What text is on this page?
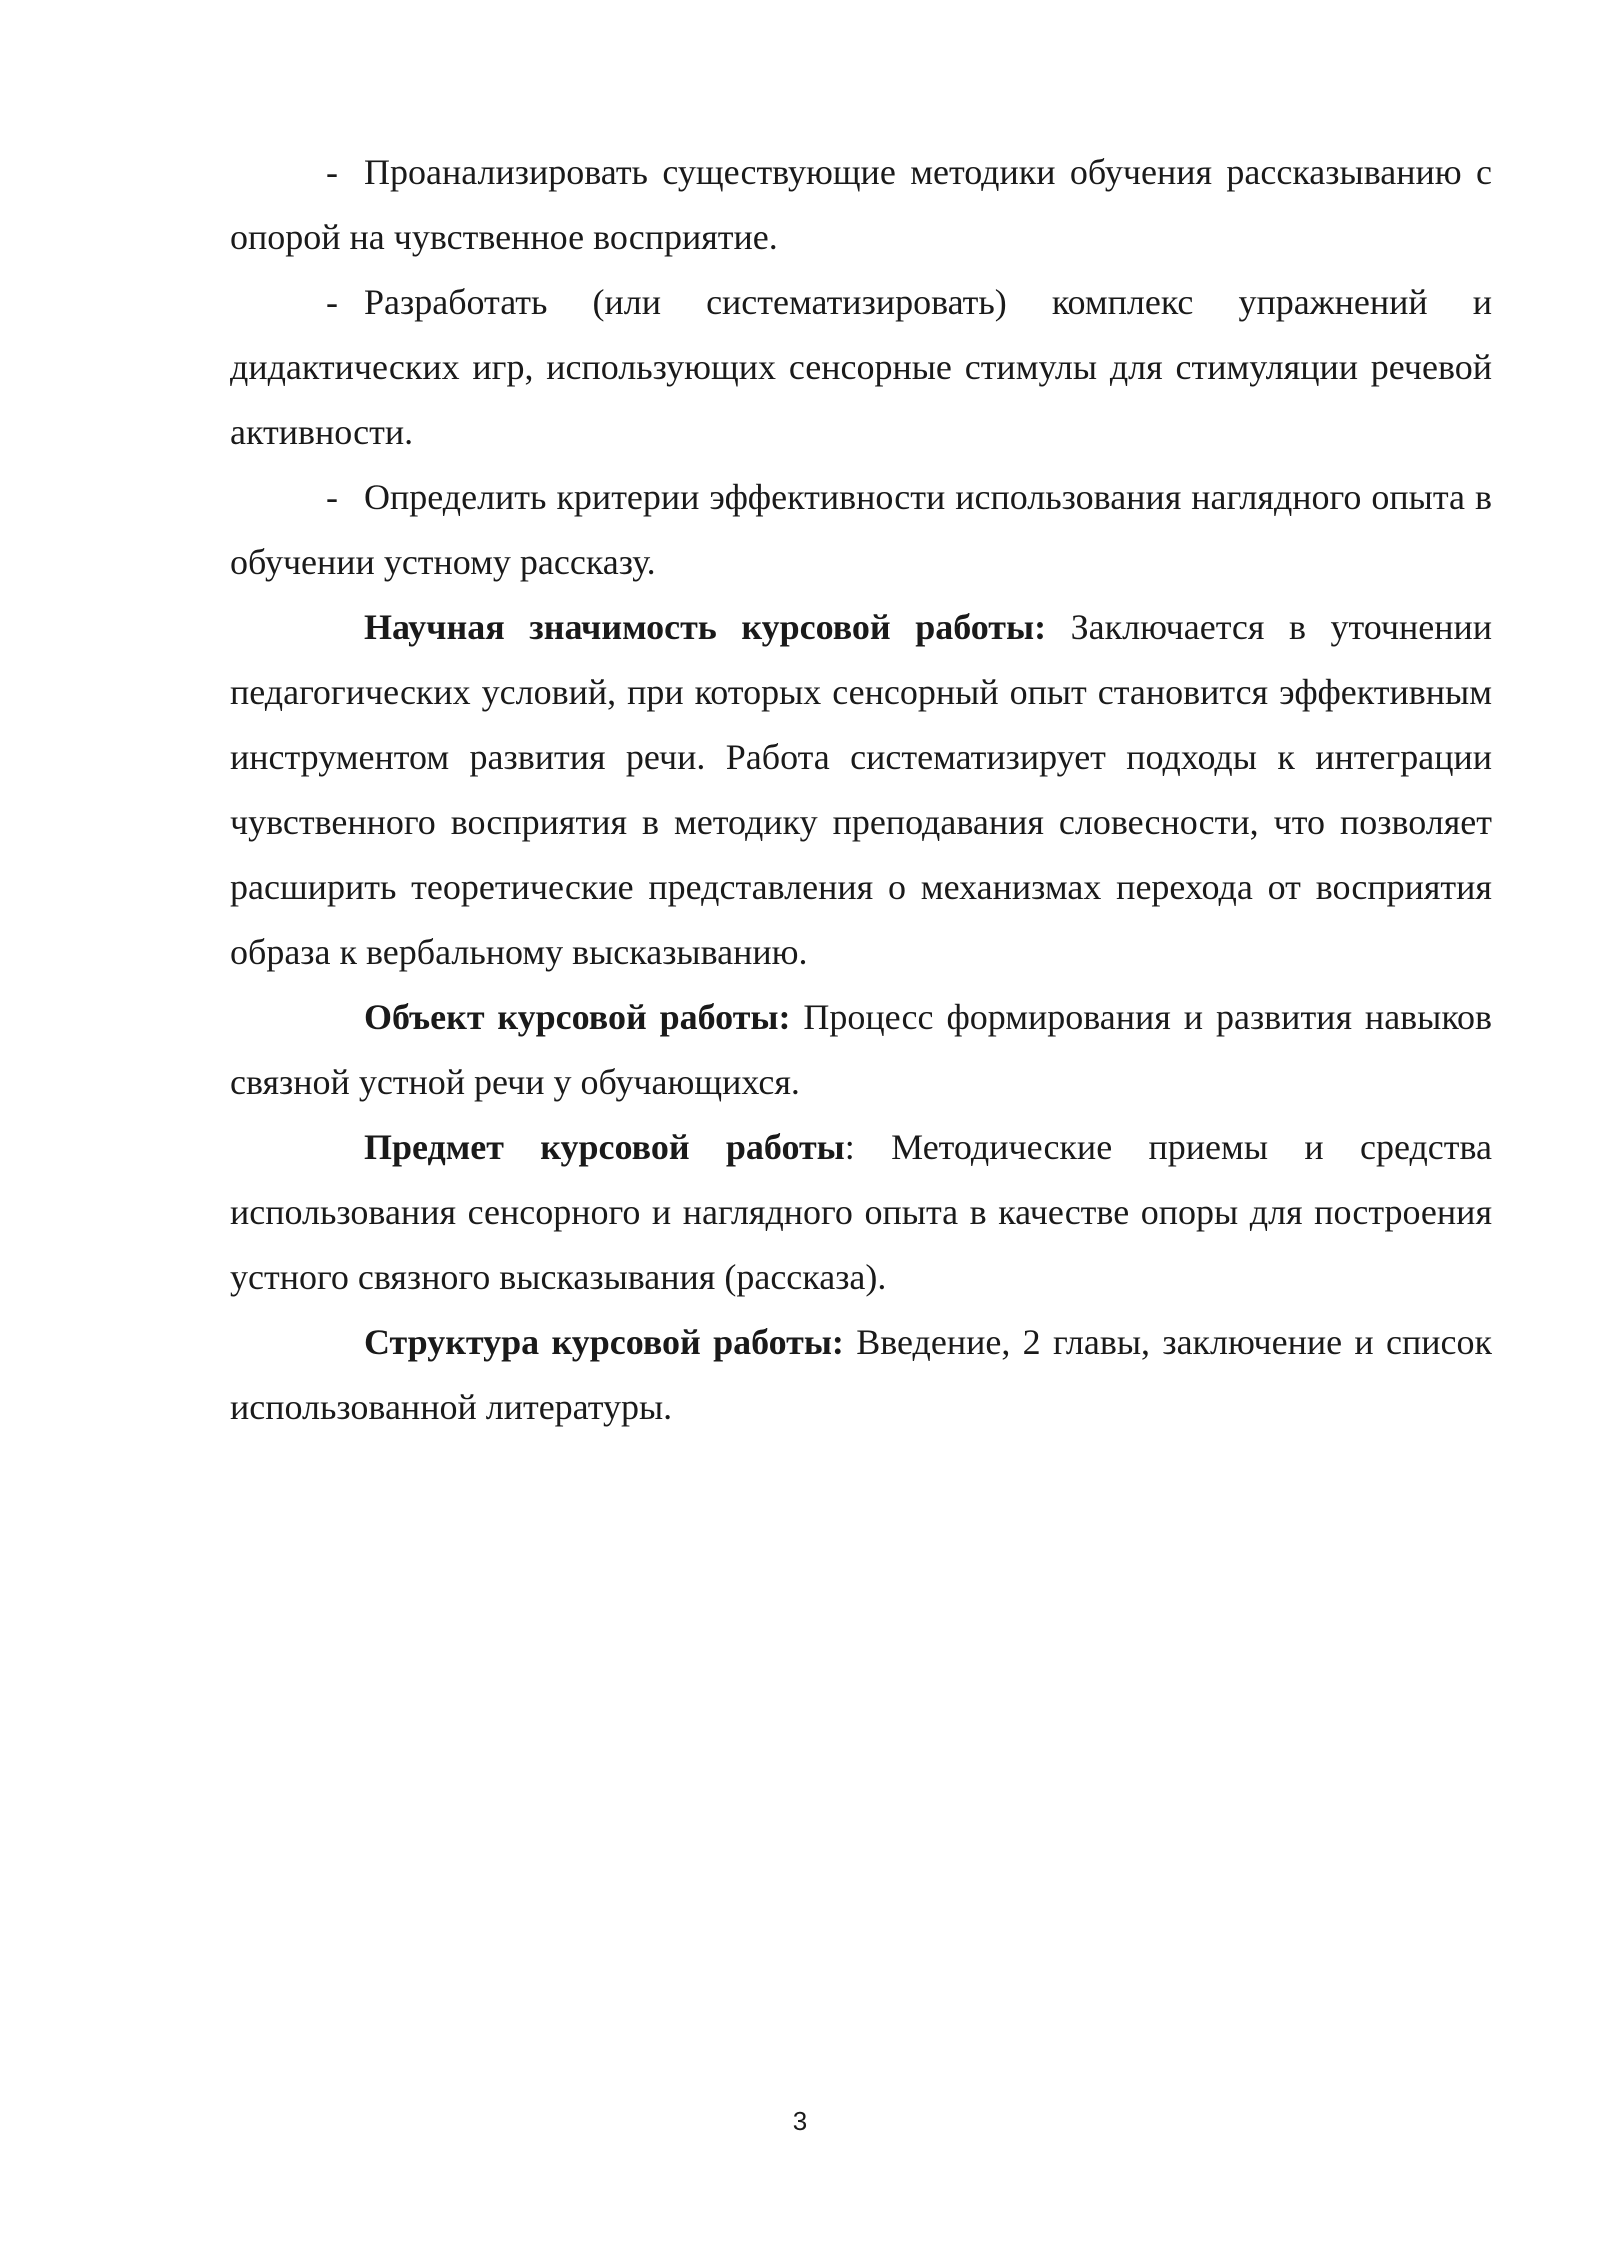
- Проанализировать существующие методики обучения рассказыванию с опорой на чувственное восприятие.

- Разработать (или систематизировать) комплекс упражнений и дидактических игр, использующих сенсорные стимулы для стимуляции речевой активности.

- Определить критерии эффективности использования наглядного опыта в обучении устному рассказу.

Научная значимость курсовой работы: Заключается в уточнении педагогических условий, при которых сенсорный опыт становится эффективным инструментом развития речи. Работа систематизирует подходы к интеграции чувственного восприятия в методику преподавания словесности, что позволяет расширить теоретические представления о механизмах перехода от восприятия образа к вербальному высказыванию.

Объект курсовой работы: Процесс формирования и развития навыков связной устной речи у обучающихся.

Предмет курсовой работы: Методические приемы и средства использования сенсорного и наглядного опыта в качестве опоры для построения устного связного высказывания (рассказа).

Структура курсовой работы: Введение, 2 главы, заключение и список использованной литературы.

3
